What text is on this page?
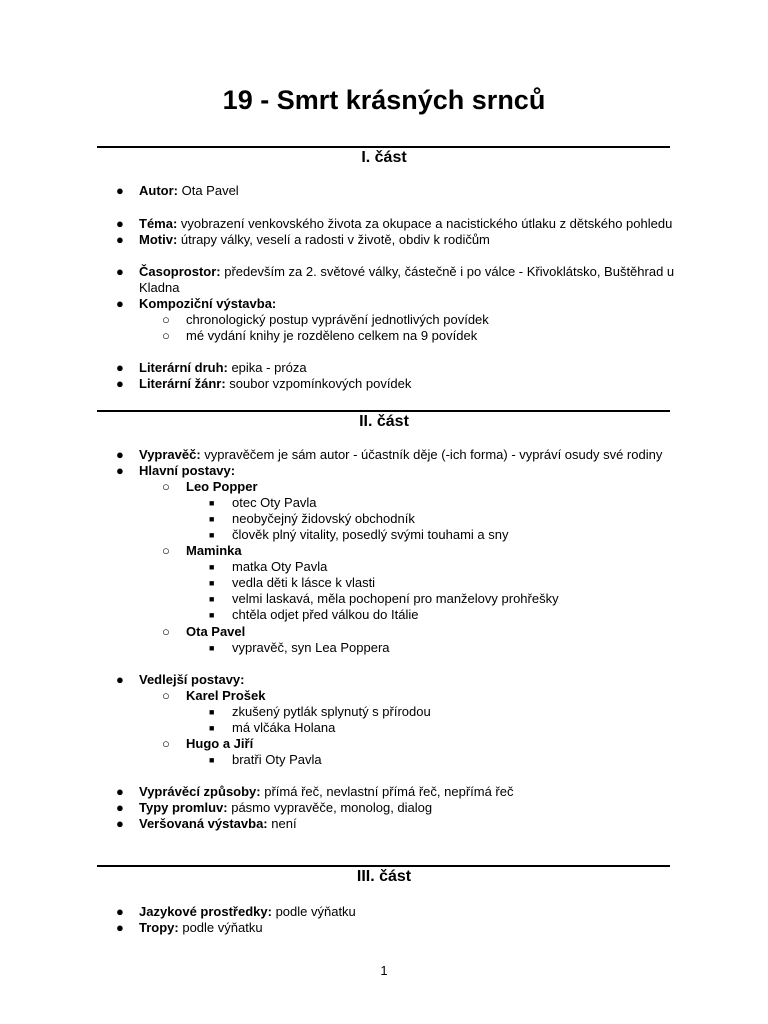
19 - Smrt krásných srnců
I. část
● Autor: Ota Pavel
● Téma: vyobrazení venkovského života za okupace a nacistického útlaku z dětského pohledu
● Motiv: útrapy války, veselí a radosti v životě, obdiv k rodičům
● Časoprostor: především za 2. světové války, částečně i po válce - Křivoklátsko, Buštěhrad u
Kladna
● Kompoziční výstavba:
○ chronologický postup vyprávění jednotlivých povídek
○ mé vydání knihy je rozděleno celkem na 9 povídek
● Literární druh: epika - próza
● Literární žánr: soubor vzpomínkových povídek
II. část
● Vypravěč: vypravěčem je sám autor - účastník děje (-ich forma) - vypráví osudy své rodiny
● Hlavní postavy:
○ Leo Popper
■ otec Oty Pavla
■ neobyčejný židovský obchodník
■ člověk plný vitality, posedlý svými touhami a sny
○ Maminka
■ matka Oty Pavla
■ vedla děti k lásce k vlasti
■ velmi laskavá, měla pochopení pro manželovy prohřešky
■ chtěla odjet před válkou do Itálie
○ Ota Pavel
■ vypravěč, syn Lea Poppera
● Vedlejší postavy:
○ Karel Prošek
■ zkušený pytlák splynutý s přírodou
■ má vlčáka Holana
○ Hugo a Jiří
■ bratři Oty Pavla
● Vyprávěcí způsoby: přímá řeč, nevlastní přímá řeč, nepřímá řeč
● Typy promluv: pásmo vypravěče, monolog, dialog
● Veršovaná výstavba: není
III. část
● Jazykové prostředky: podle výňatku
● Tropy: podle výňatku
1
